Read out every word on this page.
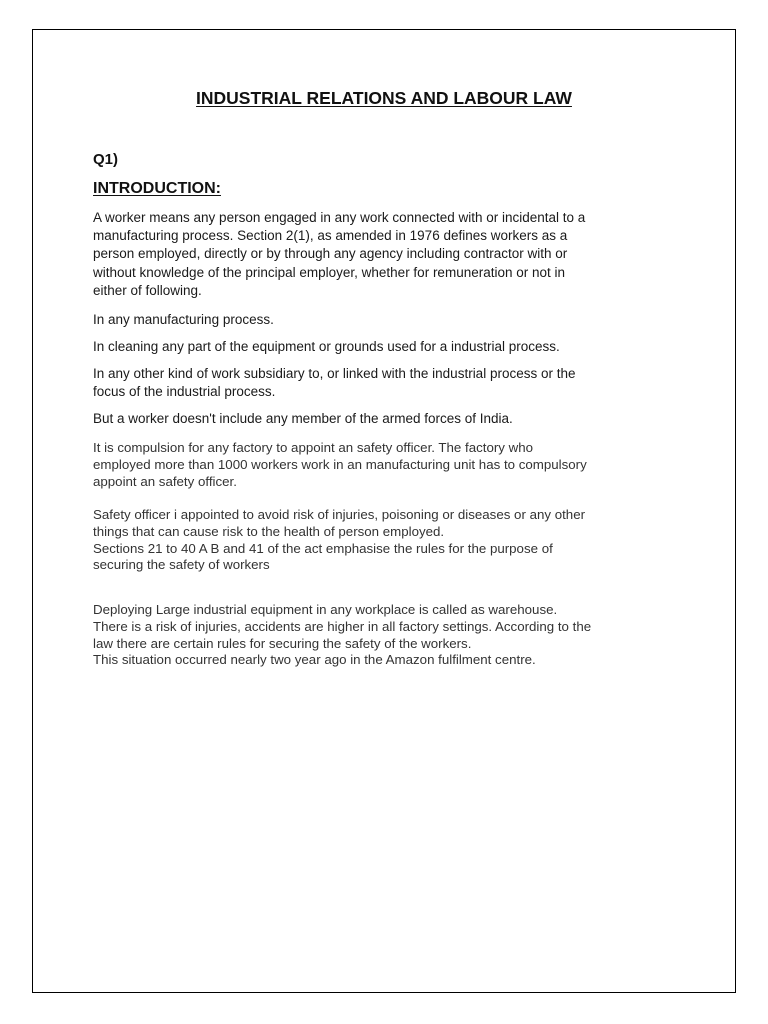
INDUSTRIAL RELATIONS AND LABOUR LAW
Q1)
INTRODUCTION:

A worker means any person engaged in any work connected with or incidental to a
manufacturing process. Section 2(1), as amended in 1976 defines workers as a
person employed, directly or by through any agency including contractor with or
without knowledge of the principal employer, whether for remuneration or not in
either of following.

In any manufacturing process.

In cleaning any part of the equipment or grounds used for a industrial process.

In any other kind of work subsidiary to, or linked with the industrial process or the
focus of the industrial process.

But a worker doesn't include any member of the armed forces of India.

It is compulsion for any factory to appoint an safety officer. The factory who
employed more than 1000 workers work in an manufacturing unit has to compulsory
appoint an safety officer.

Safety officer i appointed to avoid risk of injuries, poisoning or diseases or any other
things that can cause risk to the health of person employed.
Sections 21 to 40 A B and 41 of the act emphasise the rules for the purpose of
securing the safety of workers

Deploying Large industrial equipment in any workplace is called as warehouse.
There is a risk of injuries, accidents are higher in all factory settings. According to the
law there are certain rules for securing the safety of the workers.
This situation occurred nearly two year ago in the Amazon fulfilment centre.
